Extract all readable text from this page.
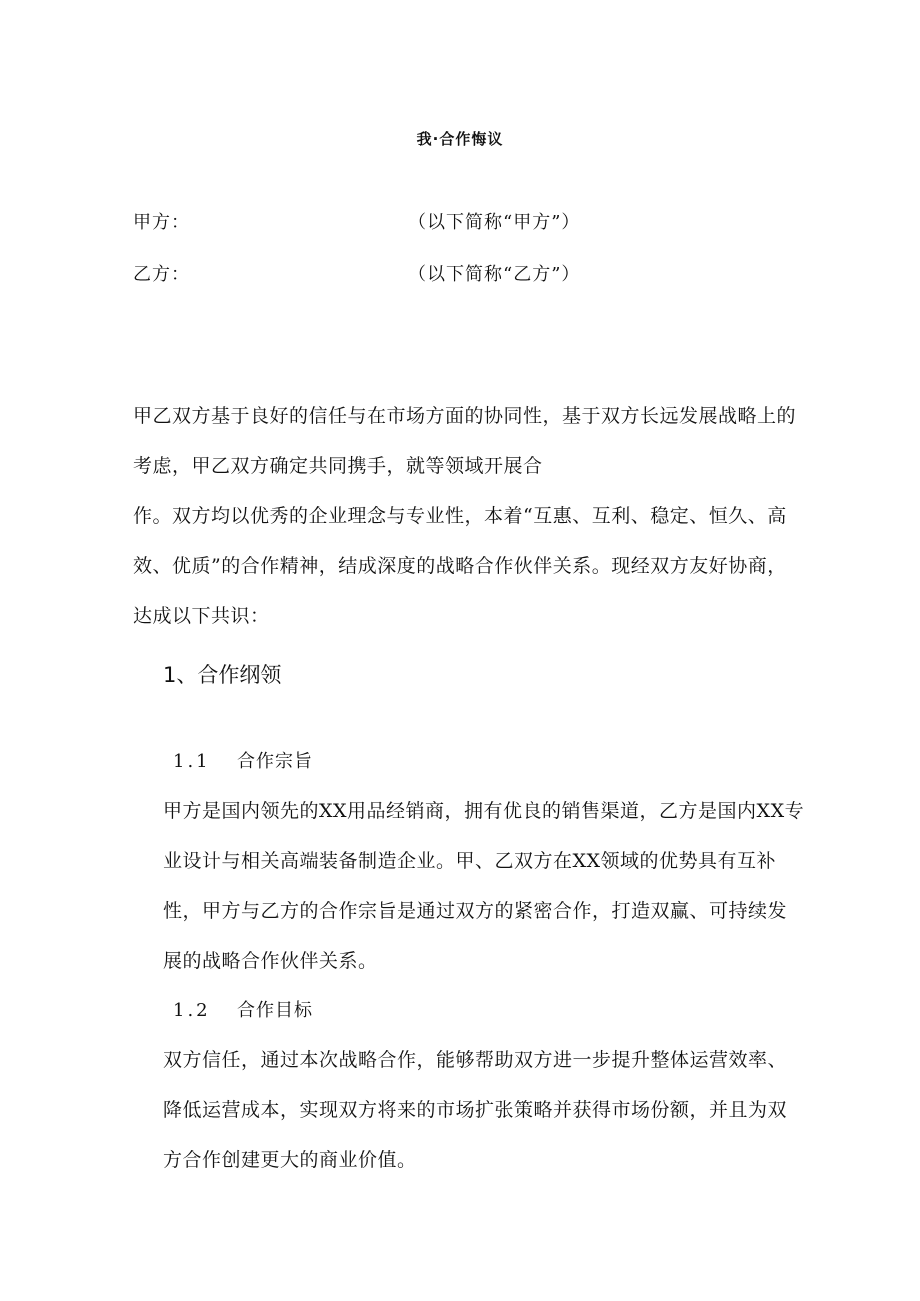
我·合作悔议
甲方：	（以下简称“甲方”）
乙方：	（以下简称“乙方”）
甲乙双方基于良好的信任与在市场方面的协同性，基于双方长远发展战略上的
考虑，甲乙双方确定共同携手，就等领域开展合
作。双方均以优秀的企业理念与专业性，本着“互惠、互利、稳定、恒久、高
效、优质”的合作精神，结成深度的战略合作伙伴关系。现经双方友好协商，
达成以下共识：
1、合作纲领
1.1 合作宗旨
甲方是国内领先的XX用品经销商，拥有优良的销售渠道，乙方是国内XX专
业设计与相关高端装备制造企业。甲、乙双方在XX领域的优势具有互补
性，甲方与乙方的合作宗旨是通过双方的紧密合作，打造双赢、可持续发
展的战略合作伙伴关系。
1.2 合作目标
双方信任，通过本次战略合作，能够帮助双方进一步提升整体运营效率、
降低运营成本，实现双方将来的市场扩张策略并获得市场份额，并且为双
方合作创建更大的商业价值。
